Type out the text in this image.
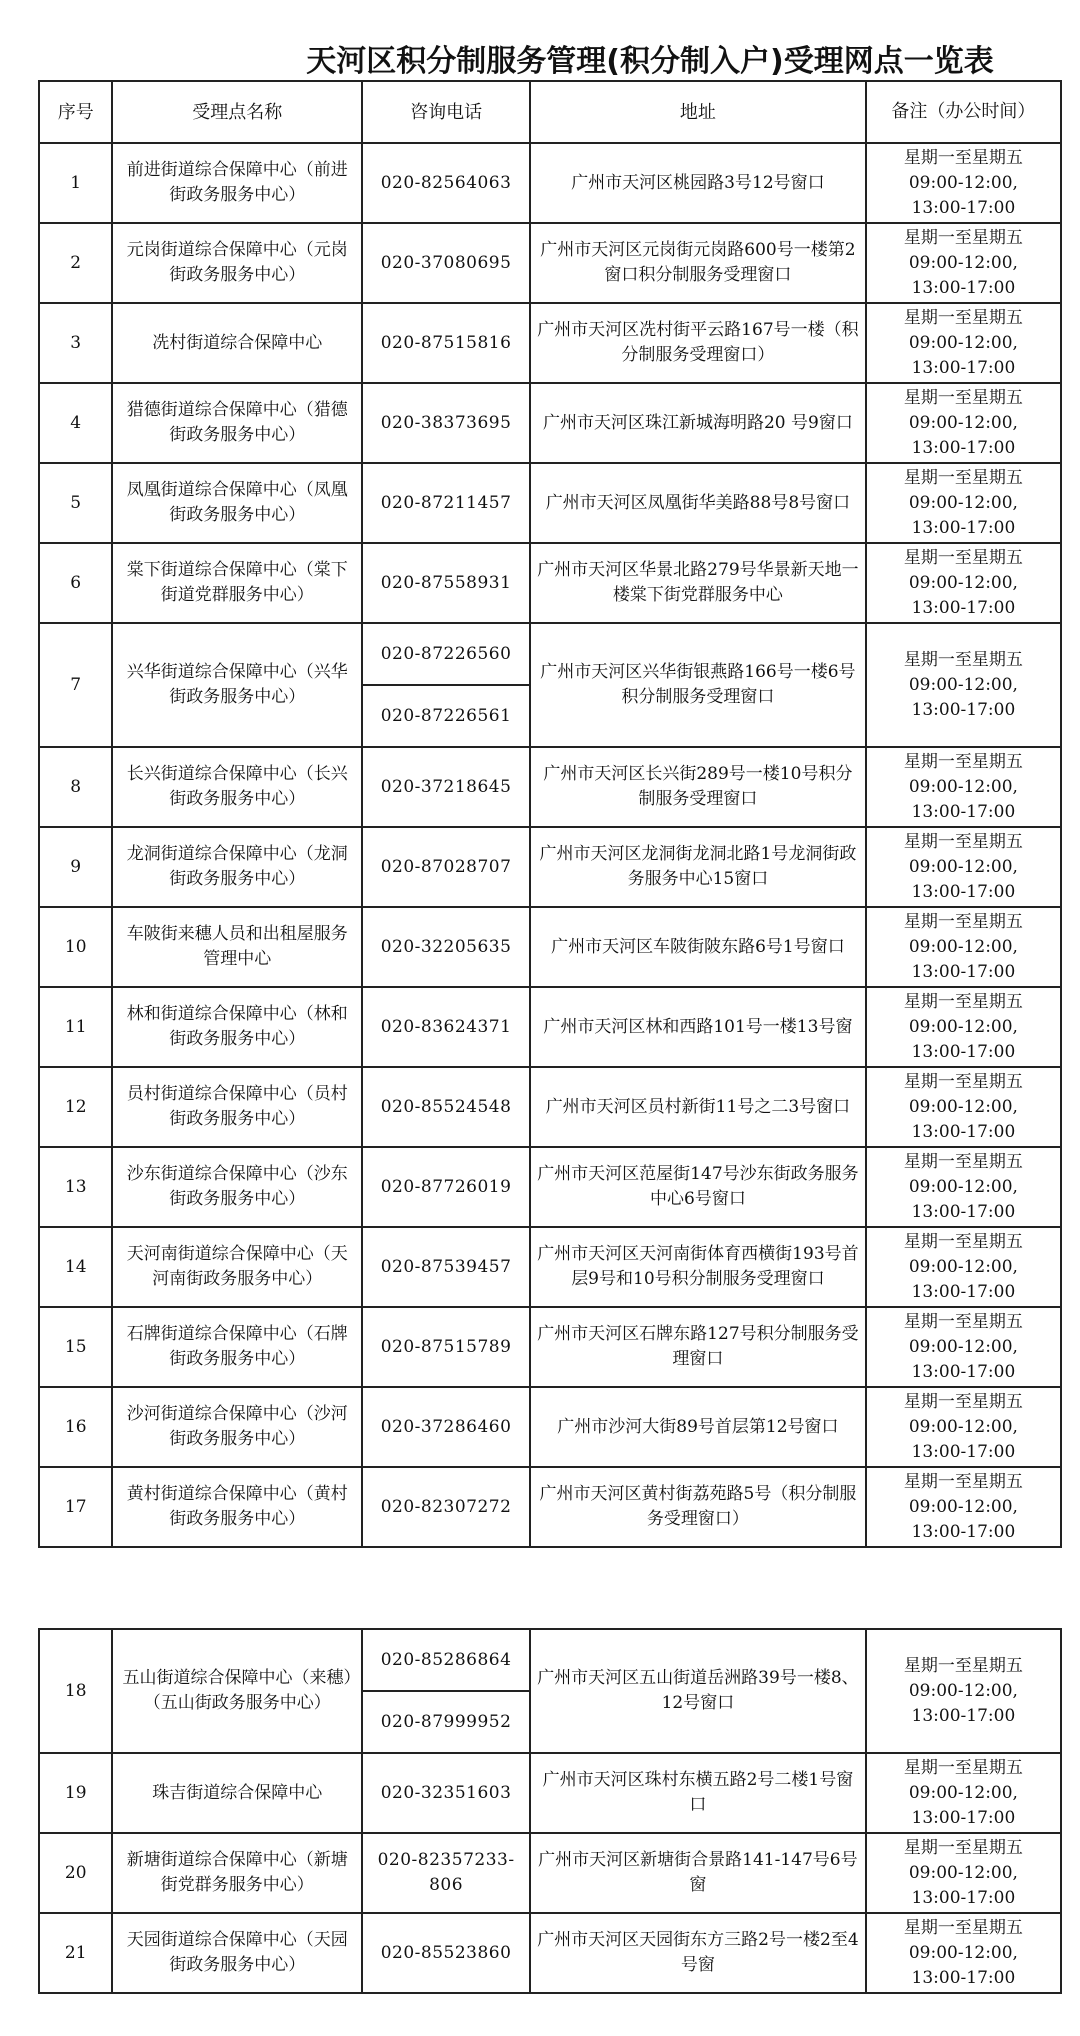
天河区积分制服务管理(积分制入户)受理网点一览表
序号	受理点名称	咨询电话	地址	备注（办公时间）
1	前进街道综合保障中心（前进街政务服务中心）	020-82564063	广州市天河区桃园路3号12号窗口	星期一至星期五
09:00-12:00,
13:00-17:00

2	元岗街道综合保障中心（元岗街政务服务中心）	020-37080695	广州市天河区元岗街元岗路600号一楼第2窗口积分制服务受理窗口	星期一至星期五
09:00-12:00,
13:00-17:00

3	冼村街道综合保障中心	020-87515816	广州市天河区冼村街平云路167号一楼（积分制服务受理窗口）	星期一至星期五
09:00-12:00,
13:00-17:00

4	猎德街道综合保障中心（猎德街政务服务中心）	020-38373695	广州市天河区珠江新城海明路20 号9窗口	星期一至星期五
09:00-12:00,
13:00-17:00

5	凤凰街道综合保障中心（凤凰街政务服务中心）	020-87211457	广州市天河区凤凰街华美路88号8号窗口	星期一至星期五
09:00-12:00,
13:00-17:00

6	棠下街道综合保障中心（棠下街道党群服务中心）	020-87558931	广州市天河区华景北路279号华景新天地一楼棠下街党群服务中心	星期一至星期五
09:00-12:00,
13:00-17:00

7	兴华街道综合保障中心（兴华街政务服务中心）	020-87226560	广州市天河区兴华街银燕路166号一楼6号积分制服务受理窗口	星期一至星期五
09:00-12:00,
13:00-17:00

		020-87226561		
8	长兴街道综合保障中心（长兴街政务服务中心）	020-37218645	广州市天河区长兴街289号一楼10号积分制服务受理窗口	星期一至星期五
09:00-12:00,
13:00-17:00

9	龙洞街道综合保障中心（龙洞街政务服务中心）	020-87028707	广州市天河区龙洞街龙洞北路1号龙洞街政务服务中心15窗口	星期一至星期五
09:00-12:00,
13:00-17:00

10	车陂街来穗人员和出租屋服务管理中心	020-32205635	广州市天河区车陂街陂东路6号1号窗口	星期一至星期五
09:00-12:00,
13:00-17:00

11	林和街道综合保障中心（林和街政务服务中心）	020-83624371	广州市天河区林和西路101号一楼13号窗	星期一至星期五
09:00-12:00,
13:00-17:00

12	员村街道综合保障中心（员村街政务服务中心）	020-85524548	广州市天河区员村新街11号之二3号窗口	星期一至星期五
09:00-12:00,
13:00-17:00

13	沙东街道综合保障中心（沙东街政务服务中心）	020-87726019	广州市天河区范屋街147号沙东街政务服务中心6号窗口	星期一至星期五
09:00-12:00,
13:00-17:00

14	天河南街道综合保障中心（天河南街政务服务中心）	020-87539457	广州市天河区天河南街体育西横街193号首层9号和10号积分制服务受理窗口	星期一至星期五
09:00-12:00,
13:00-17:00

15	石牌街道综合保障中心（石牌街政务服务中心）	020-87515789	广州市天河区石牌东路127号积分制服务受理窗口	星期一至星期五
09:00-12:00,
13:00-17:00

16	沙河街道综合保障中心（沙河街政务服务中心）	020-37286460	广州市沙河大街89号首层第12号窗口	星期一至星期五
09:00-12:00,
13:00-17:00

17	黄村街道综合保障中心（黄村街政务服务中心）	020-82307272	广州市天河区黄村街荔苑路5号（积分制服务受理窗口）	星期一至星期五
09:00-12:00,
13:00-17:00
18	五山街道综合保障中心（来穗）（五山街政务服务中心）	020-85286864	广州市天河区五山街道岳洲路39号一楼8、12号窗口	星期一至星期五
09:00-12:00,
13:00-17:00

		020-87999952		
19	珠吉街道综合保障中心	020-32351603	广州市天河区珠村东横五路2号二楼1号窗口	星期一至星期五
09:00-12:00,
13:00-17:00

20	新塘街道综合保障中心（新塘街党群务服务中心）	020-82357233-806	广州市天河区新塘街合景路141-147号6号窗	星期一至星期五
09:00-12:00,
13:00-17:00

21	天园街道综合保障中心（天园街政务服务中心）	020-85523860	广州市天河区天园街东方三路2号一楼2至4号窗	星期一至星期五
09:00-12:00,
13:00-17:00
